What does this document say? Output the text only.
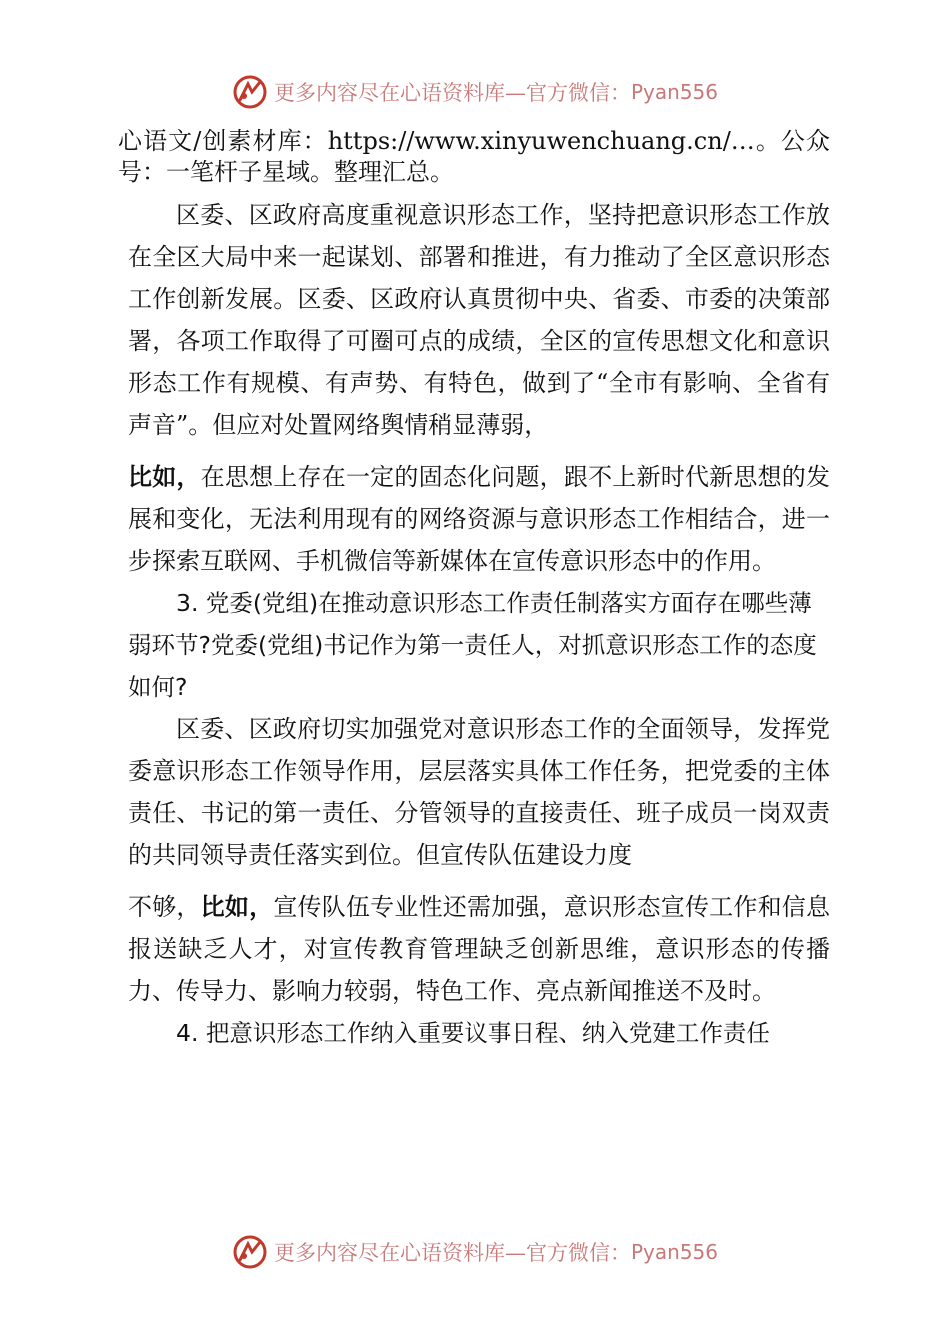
更多内容尽在心语资料库—官方微信： Pyan556

心语文/创素材库：https://www.xinyuwenchuang.cn/…。公众号：一笔杆子星域。整理汇总。

区委、区政府高度重视意识形态工作，坚持把意识形态工作放在全区大局中来一起谋划、部署和推进，有力推动了全区意识形态工作创新发展。区委、区政府认真贯彻中央、省委、市委的决策部署，各项工作取得了可圈可点的成绩，全区的宣传思想文化和意识形态工作有规模、有声势、有特色，做到了“全市有影响、全省有声音”。但应对处置网络舆情稍显薄弱，

比如，在思想上存在一定的固态化问题，跟不上新时代新思想的发展和变化，无法利用现有的网络资源与意识形态工作相结合，进一步探索互联网、手机微信等新媒体在宣传意识形态中的作用。

3. 党委(党组)在推动意识形态工作责任制落实方面存在哪些薄弱环节?党委(党组)书记作为第一责任人，对抓意识形态工作的态度如何?

区委、区政府切实加强党对意识形态工作的全面领导，发挥党委意识形态工作领导作用，层层落实具体工作任务，把党委的主体责任、书记的第一责任、分管领导的直接责任、班子成员一岗双责的共同领导责任落实到位。但宣传队伍建设力度

不够，比如，宣传队伍专业性还需加强，意识形态宣传工作和信息报送缺乏人才，对宣传教育管理缺乏创新思维，意识形态的传播力、传导力、影响力较弱，特色工作、亮点新闻推送不及时。

4. 把意识形态工作纳入重要议事日程、纳入党建工作责任

更多内容尽在心语资料库—官方微信： Pyan556
